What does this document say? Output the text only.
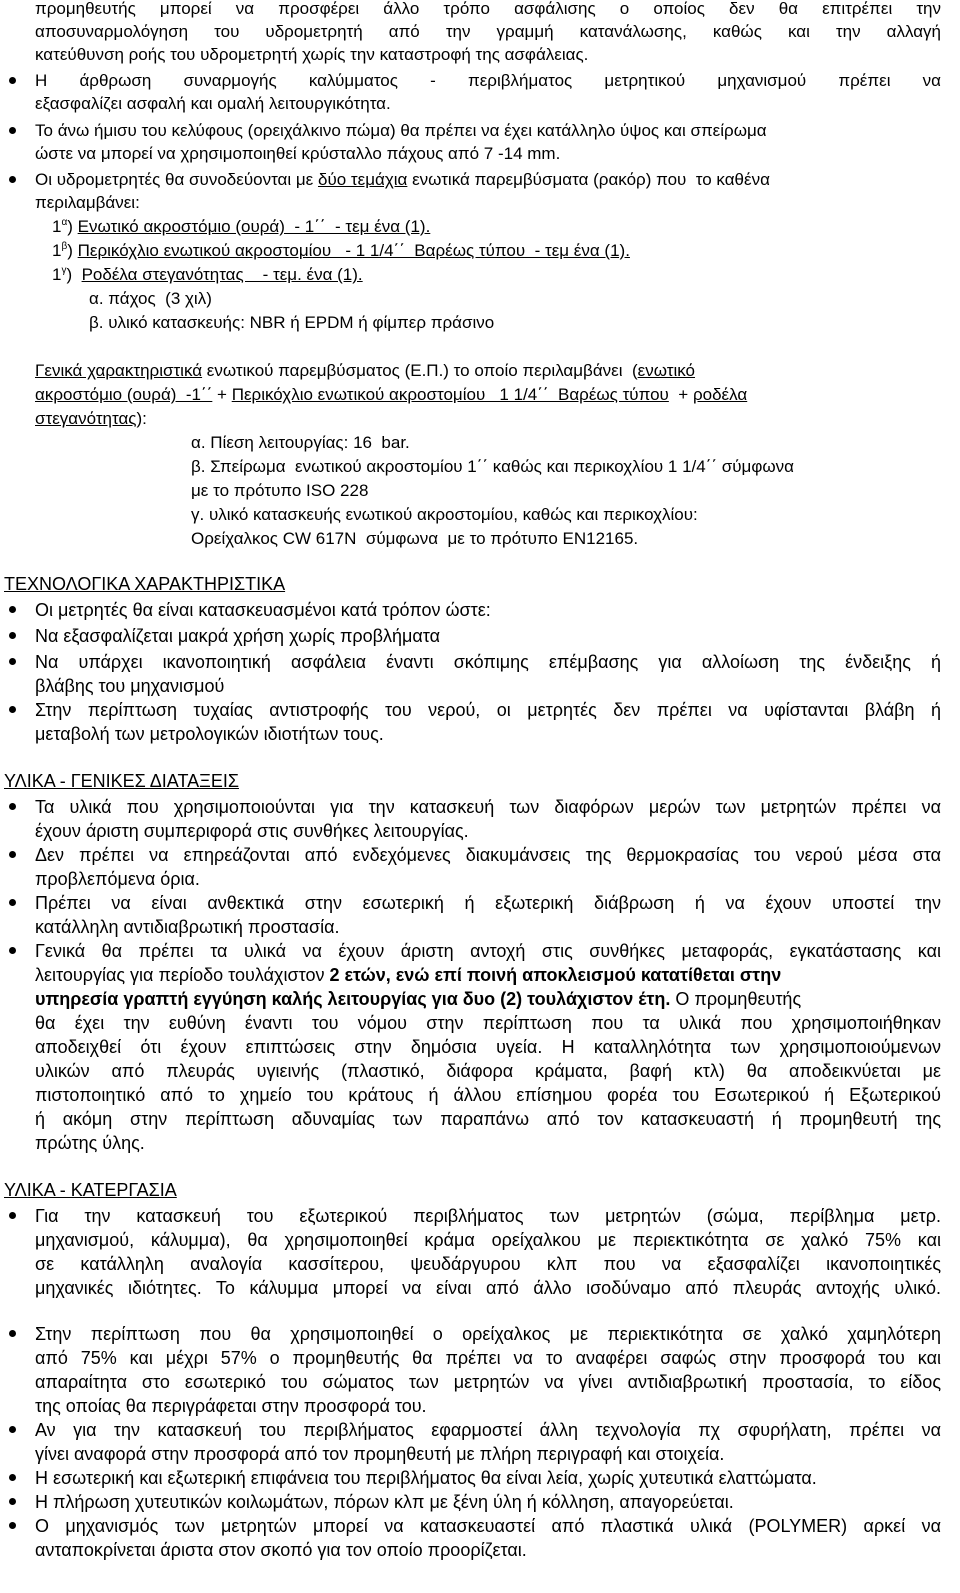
προμηθευτής μπορεί να προσφέρει άλλο τρόπο ασφάλισης ο οποίος δεν θα επιτρέπει την
αποσυναρμολόγηση του υδρομετρητή από την γραμμή κατανάλωσης, καθώς και την αλλαγή
κατεύθυνση ροής του υδρομετρητή χωρίς την καταστροφή της ασφάλειας.
Η άρθρωση συναρμογής καλύμματος - περιβλήματος μετρητικού μηχανισμού πρέπει να
εξασφαλίζει ασφαλή και ομαλή λειτουργικότητα.
Το άνω ήμισυ του κελύφους (ορειχάλκινο πώμα) θα πρέπει να έχει κατάλληλο ύψος και σπείρωμα
ώστε να μπορεί να χρησιμοποιηθεί κρύσταλλο πάχους από 7 -14 mm.
Οι υδρομετρητές θα συνοδεύονται με δύο τεμάχια ενωτικά παρεμβύσματα (ρακόρ) που  το καθένα
περιλαμβάνει:
$1^\alpha$) Ενωτικό ακροστόμιο (ουρά)  - 1΄΄  - τεμ ένα (1).
$1^\beta$) Περικόχλιο ενωτικού ακροστομίου   - 1 1/4΄΄  Βαρέως τύπου  - τεμ ένα (1).
$1^\gamma$)  Ροδέλα στεγανότητας    - τεμ. ένα (1).
α. πάχος  (3 χιλ)
β. υλικό κατασκευής: NBR ή EPDM ή φίμπερ πράσινο
Γενικά χαρακτηριστικά ενωτικού παρεμβύσματος (Ε.Π.) το οποίο περιλαμβάνει  (ενωτικό
ακροστόμιο (ουρά)  -1΄΄ + Περικόχλιο ενωτικού ακροστομίου   1 1/4΄΄  Βαρέως τύπου  + ροδέλα
στεγανότητας):
α. Πίεση λειτουργίας: 16  bar.
β. Σπείρωμα  ενωτικού ακροστομίου 1΄΄ καθώς και περικοχλίου 1 1/4΄΄ σύμφωνα
με το πρότυπο ISO 228
γ. υλικό κατασκευής ενωτικού ακροστομίου, καθώς και περικοχλίου:
Ορείχαλκος CW 617N  σύμφωνα  με το πρότυπο EN12165.
ΤΕΧΝΟΛΟΓΙΚΑ ΧΑΡΑΚΤΗΡΙΣΤΙΚΑ
Οι μετρητές θα είναι κατασκευασμένοι κατά τρόπον ώστε:
Να εξασφαλίζεται μακρά χρήση χωρίς προβλήματα
Να υπάρχει ικανοποιητική ασφάλεια έναντι σκόπιμης επέμβασης για αλλοίωση της ένδειξης ή
βλάβης του μηχανισμού
Στην περίπτωση τυχαίας αντιστροφής του νερού, οι μετρητές δεν πρέπει να υφίστανται βλάβη ή
μεταβολή των μετρολογικών ιδιοτήτων τους.
ΥΛΙΚΑ - ΓΕΝΙΚΕΣ ΔΙΑΤΑΞΕΙΣ
Τα υλικά που χρησιμοποιούνται για την κατασκευή των διαφόρων μερών των μετρητών πρέπει να
έχουν άριστη συμπεριφορά στις συνθήκες λειτουργίας.
Δεν πρέπει να επηρεάζονται από ενδεχόμενες διακυμάνσεις της θερμοκρασίας του νερού μέσα στα
προβλεπόμενα όρια.
Πρέπει να είναι ανθεκτικά στην εσωτερική ή εξωτερική διάβρωση ή να έχουν υποστεί την
κατάλληλη αντιδιαβρωτική προστασία.
Γενικά θα πρέπει τα υλικά να έχουν άριστη αντοχή στις συνθήκες μεταφοράς, εγκατάστασης και
λειτουργίας για περίοδο τουλάχιστον 2 ετών, ενώ επί ποινή αποκλεισμού κατατίθεται στην
υπηρεσία γραπτή εγγύηση καλής λειτουργίας για δυο (2) τουλάχιστον έτη. Ο προμηθευτής
θα έχει την ευθύνη έναντι του νόμου στην περίπτωση που τα υλικά που χρησιμοποιήθηκαν
αποδειχθεί ότι έχουν επιπτώσεις στην δημόσια υγεία. Η καταλληλότητα των χρησιμοποιούμενων
υλικών από πλευράς υγιεινής (πλαστικό, διάφορα κράματα, βαφή κτλ) θα αποδεικνύεται με
πιστοποιητικό από το χημείο του κράτους ή άλλου επίσημου φορέα του Εσωτερικού ή Εξωτερικού
ή ακόμη στην περίπτωση αδυναμίας των παραπάνω από τον κατασκευαστή ή προμηθευτή της
πρώτης ύλης.
ΥΛΙΚΑ - ΚΑΤΕΡΓΑΣΙΑ
Για την κατασκευή του εξωτερικού περιβλήματος των μετρητών (σώμα, περίβλημα μετρ.
μηχανισμού, κάλυμμα), θα χρησιμοποιηθεί κράμα ορείχαλκου με περιεκτικότητα σε χαλκό 75% και
σε κατάλληλη αναλογία κασσίτερου, ψευδάργυρου κλπ που να εξασφαλίζει ικανοποιητικές
μηχανικές ιδιότητες. Το κάλυμμα μπορεί να είναι από άλλο ισοδύναμο από πλευράς αντοχής υλικό.
Στην περίπτωση που θα χρησιμοποιηθεί ο ορείχαλκος με περιεκτικότητα σε χαλκό χαμηλότερη
από 75% και μέχρι 57% ο προμηθευτής θα πρέπει να το αναφέρει σαφώς στην προσφορά του και
απαραίτητα στο εσωτερικό του σώματος των μετρητών να γίνει αντιδιαβρωτική προστασία, το είδος
της οποίας θα περιγράφεται στην προσφορά του.
Αν για την κατασκευή του περιβλήματος εφαρμοστεί άλλη τεχνολογία πχ σφυρήλατη, πρέπει να
γίνει αναφορά στην προσφορά από τον προμηθευτή με πλήρη περιγραφή και στοιχεία.
Η εσωτερική και εξωτερική επιφάνεια του περιβλήματος θα είναι λεία, χωρίς χυτευτικά ελαττώματα.
Η πλήρωση χυτευτικών κοιλωμάτων, πόρων κλπ με ξένη ύλη ή κόλληση, απαγορεύεται.
Ο μηχανισμός των μετρητών μπορεί να κατασκευαστεί από πλαστικά υλικά (POLYMER) αρκεί να
ανταποκρίνεται άριστα στον σκοπό για τον οποίο προορίζεται.
